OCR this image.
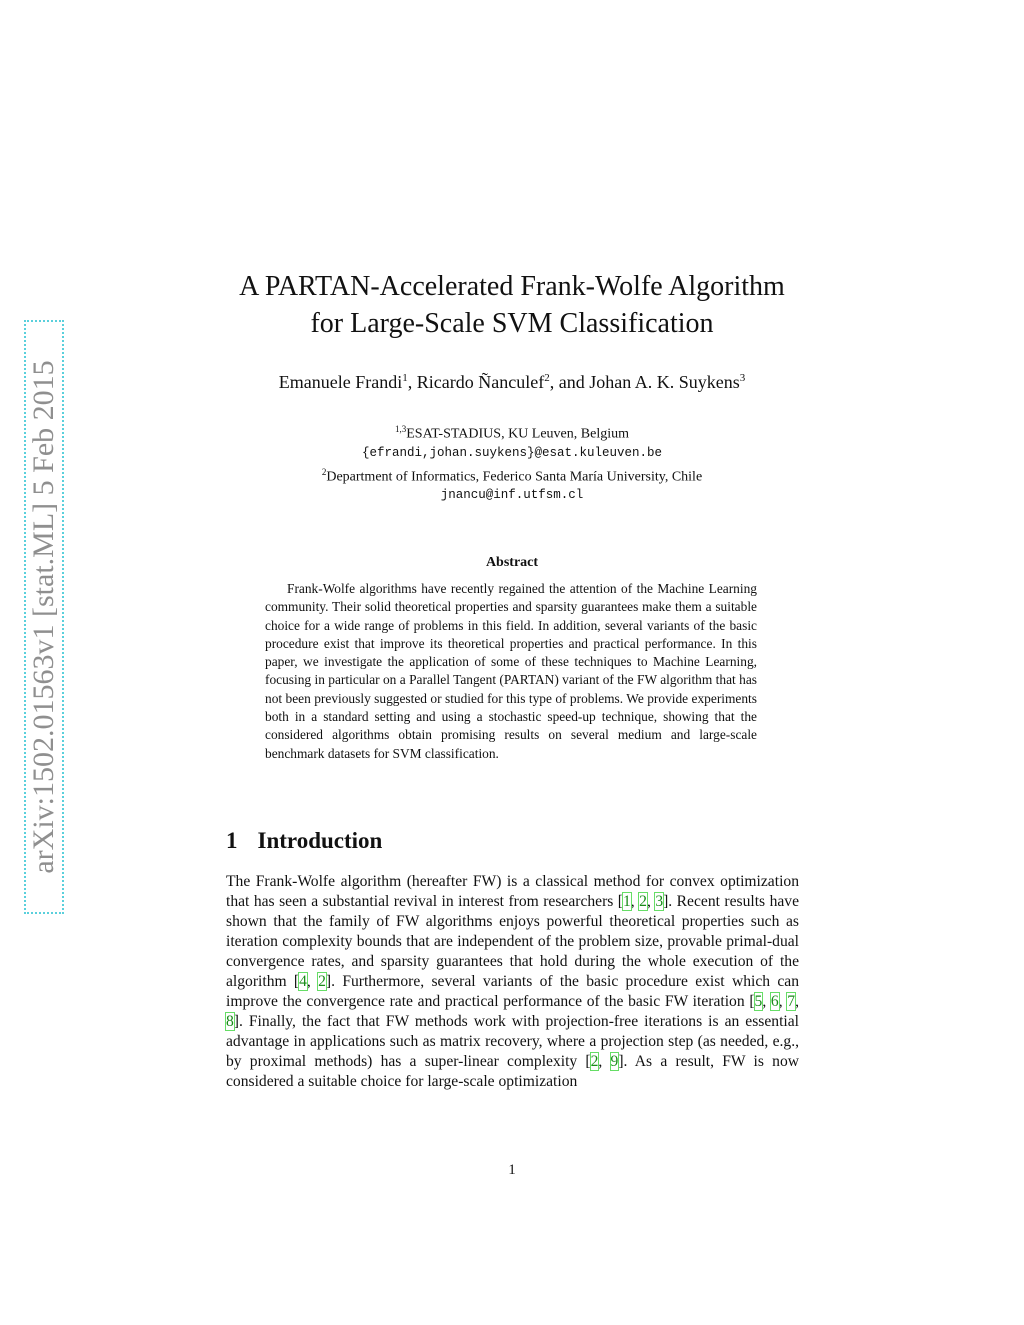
arXiv:1502.01563v1 [stat.ML] 5 Feb 2015
A PARTAN-Accelerated Frank-Wolfe Algorithm
for Large-Scale SVM Classification
Emanuele Frandi$^1$, Ricardo Ñanculef$^2$, and Johan A. K. Suykens$^3$
$^{1,3}$ESAT-STADIUS, KU Leuven, Belgium
{efrandi,johan.suykens}@esat.kuleuven.be
$^2$Department of Informatics, Federico Santa María University, Chile
jnancu@inf.utfsm.cl
Abstract
Frank-Wolfe algorithms have recently regained the attention of the Machine Learning community. Their solid theoretical properties and sparsity guarantees make them a suitable choice for a wide range of problems in this field. In addition, several variants of the basic procedure exist that improve its theoretical properties and practical performance. In this paper, we investigate the application of some of these techniques to Machine Learning, focusing in particular on a Parallel Tangent (PARTAN) variant of the FW algorithm that has not been previously suggested or studied for this type of problems. We provide experiments both in a standard setting and using a stochastic speed-up technique, showing that the considered algorithms obtain promising results on several medium and large-scale benchmark datasets for SVM classification.
1 Introduction
The Frank-Wolfe algorithm (hereafter FW) is a classical method for convex optimization that has seen a substantial revival in interest from researchers [1, 2, 3]. Recent results have shown that the family of FW algorithms enjoys powerful theoretical properties such as iteration complexity bounds that are independent of the problem size, provable primal-dual convergence rates, and sparsity guarantees that hold during the whole execution of the algorithm [4, 2]. Furthermore, several variants of the basic procedure exist which can improve the convergence rate and practical performance of the basic FW iteration [5, 6, 7, 8]. Finally, the fact that FW methods work with projection-free iterations is an essential advantage in applications such as matrix recovery, where a projection step (as needed, e.g., by proximal methods) has a super-linear complexity [2, 9]. As a result, FW is now considered a suitable choice for large-scale optimization
1
